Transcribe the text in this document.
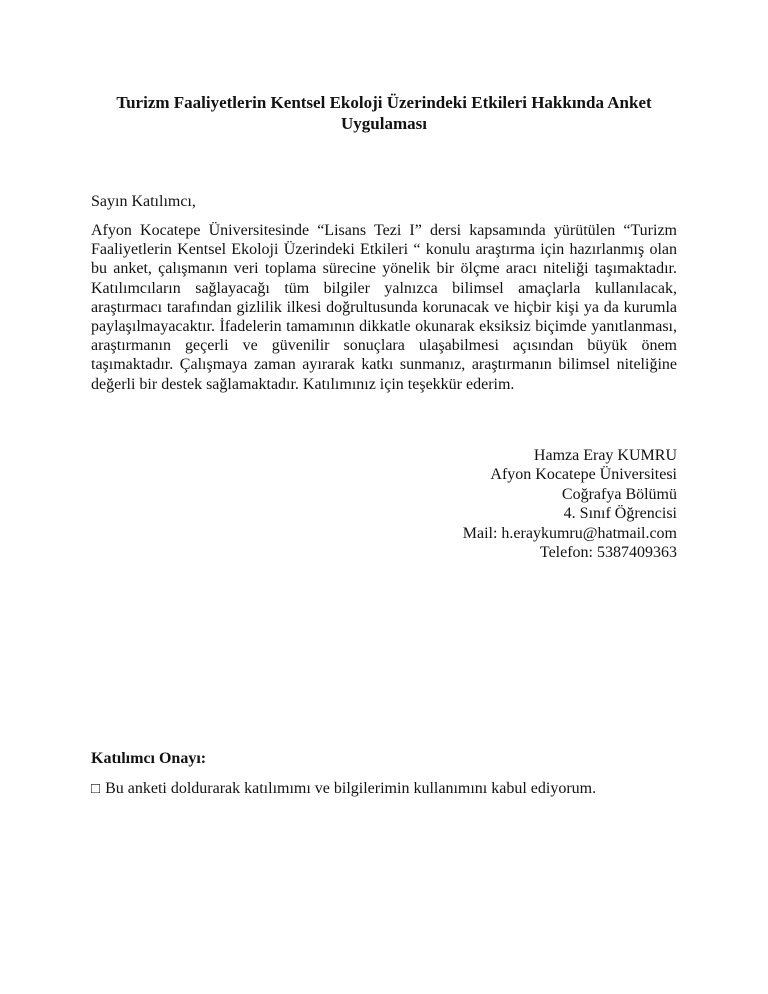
Turizm Faaliyetlerin Kentsel Ekoloji Üzerindeki Etkileri Hakkında Anket Uygulaması

Sayın Katılımcı,

Afyon Kocatepe Üniversitesinde “Lisans Tezi I” dersi kapsamında yürütülen “Turizm Faaliyetlerin Kentsel Ekoloji Üzerindeki Etkileri “ konulu araştırma için hazırlanmış olan bu anket, çalışmanın veri toplama sürecine yönelik bir ölçme aracı niteliği taşımaktadır. Katılımcıların sağlayacağı tüm bilgiler yalnızca bilimsel amaçlarla kullanılacak, araştırmacı tarafından gizlilik ilkesi doğrultusunda korunacak ve hiçbir kişi ya da kurumla paylaşılmayacaktır. İfadelerin tamamının dikkatle okunarak eksiksiz biçimde yanıtlanması, araştırmanın geçerli ve güvenilir sonuçlara ulaşabilmesi açısından büyük önem taşımaktadır. Çalışmaya zaman ayırarak katkı sunmanız, araştırmanın bilimsel niteliğine değerli bir destek sağlamaktadır. Katılımınız için teşekkür ederim.

Hamza Eray KUMRU
Afyon Kocatepe Üniversitesi
Coğrafya Bölümü
4. Sınıf Öğrencisi
Mail: h.eraykumru@hatmail.com
Telefon: 5387409363

Katılımcı Onayı:

□ Bu anketi doldurarak katılımımı ve bilgilerimin kullanımını kabul ediyorum.
